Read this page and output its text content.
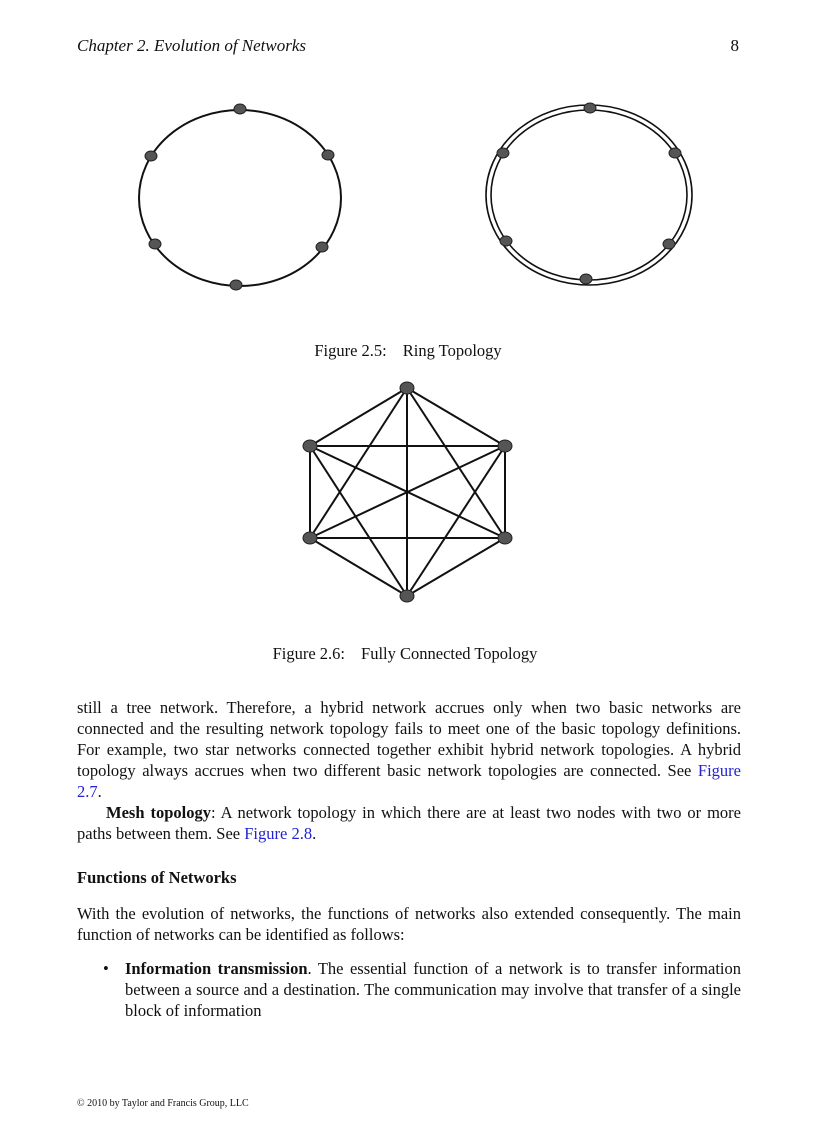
Chapter 2. Evolution of Networks	8
Figure 2.5: Ring Topology
Figure 2.6: Fully Connected Topology

still a tree network. Therefore, a hybrid network accrues only when two basic networks are connected and the resulting network topology fails to meet one of the basic topology definitions. For example, two star networks connected together exhibit hybrid network topologies. A hybrid topology always accrues when two different basic network topologies are connected. See Figure 2.7.

Mesh topology: A network topology in which there are at least two nodes with two or more paths between them. See Figure 2.8.

Functions of Networks

With the evolution of networks, the functions of networks also extended consequently. The main function of networks can be identified as follows:

• Information transmission. The essential function of a network is to transfer information between a source and a destination. The communication may involve that transfer of a single block of information
© 2010 by Taylor and Francis Group, LLC
